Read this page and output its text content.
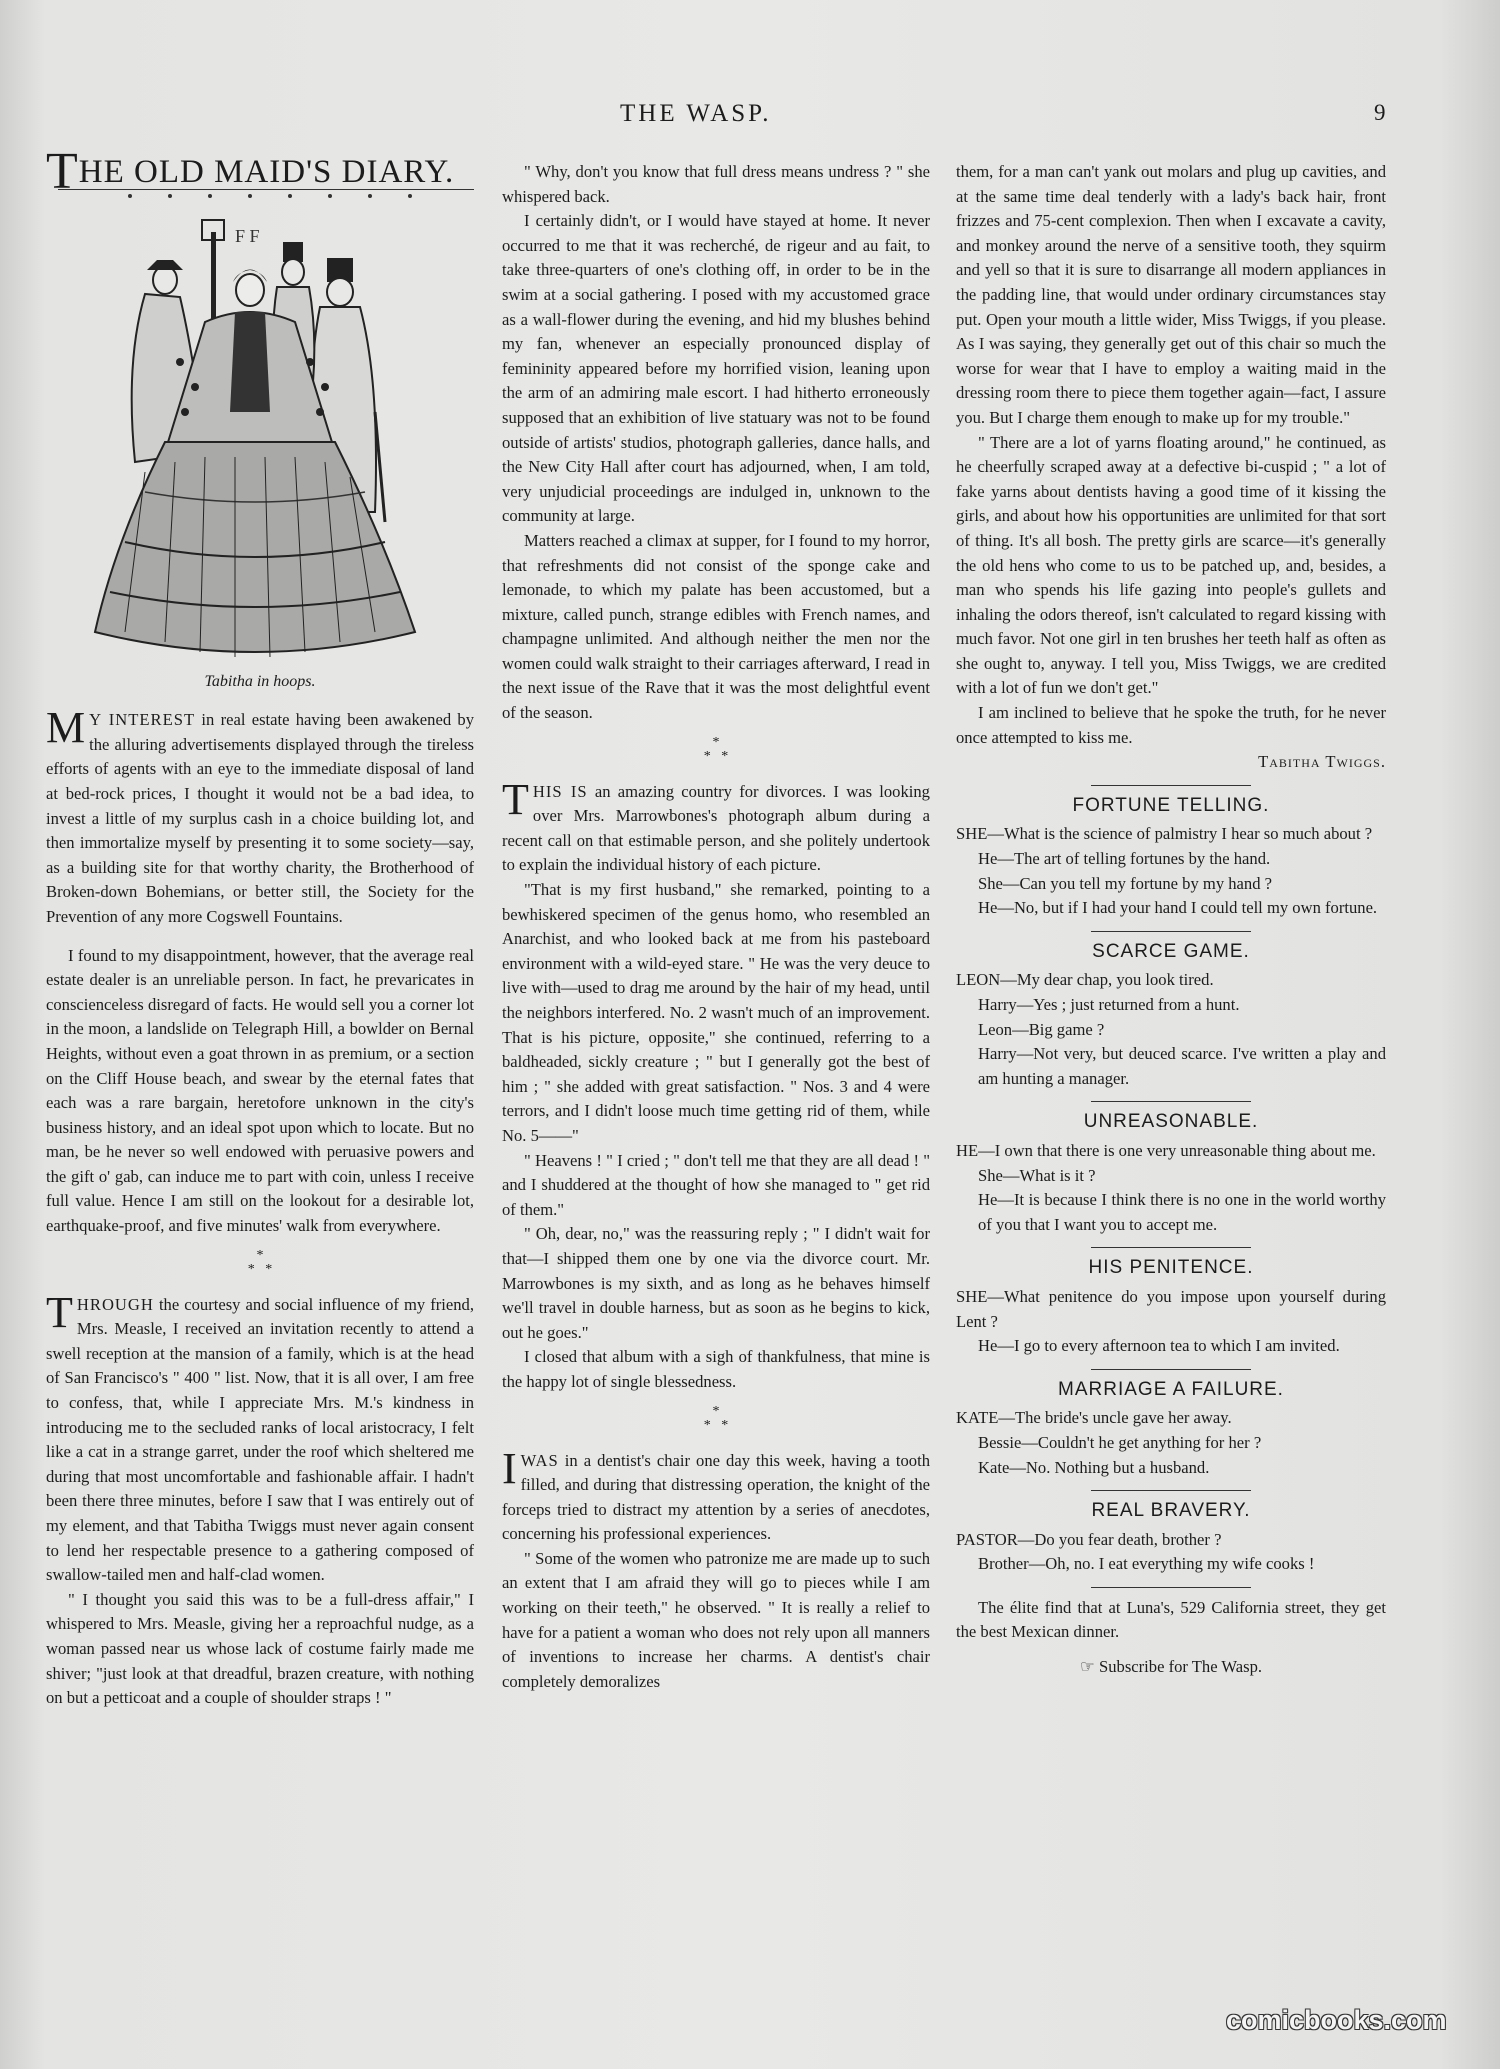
THE WASP.	9
THE OLD MAID'S DIARY.
F F
Tabitha in hoops.

M Y INTEREST in real estate having been awakened by the alluring advertisements displayed through the tireless efforts of agents with an eye to the immediate disposal of land at bed-rock prices, I thought it would not be a bad idea, to invest a little of my surplus cash in a choice building lot, and then immortalize myself by presenting it to some society—say, as a building site for that worthy charity, the Brotherhood of Broken-down Bohemians, or better still, the Society for the Prevention of any more Cogswell Fountains.

I found to my disappointment, however, that the average real estate dealer is an unreliable person. In fact, he prevaricates in conscienceless disregard of facts. He would sell you a corner lot in the moon, a landslide on Telegraph Hill, a bowlder on Bernal Heights, without even a goat thrown in as premium, or a section on the Cliff House beach, and swear by the eternal fates that each was a rare bargain, heretofore unknown in the city's business history, and an ideal spot upon which to locate. But no man, be he never so well endowed with peruasive powers and the gift o' gab, can induce me to part with coin, unless I receive full value. Hence I am still on the lookout for a desirable lot, earthquake-proof, and five minutes' walk from everywhere.

*
*   *

THROUGH the courtesy and social influence of my friend, Mrs. Measle, I received an invitation recently to attend a swell reception at the mansion of a family, which is at the head of San Francisco's " 400 " list. Now, that it is all over, I am free to confess, that, while I appreciate Mrs. M.'s kindness in introducing me to the secluded ranks of local aristocracy, I felt like a cat in a strange garret, under the roof which sheltered me during that most uncomfortable and fashionable affair. I hadn't been there three minutes, before I saw that I was entirely out of my element, and that Tabitha Twiggs must never again consent to lend her respectable presence to a gathering composed of swallow-tailed men and half-clad women.

" I thought you said this was to be a full-dress affair," I whispered to Mrs. Measle, giving her a reproachful nudge, as a woman passed near us whose lack of costume fairly made me shiver; "just look at that dreadful, brazen creature, with nothing on but a petticoat and a couple of shoulder straps ! "

" Why, don't you know that full dress means undress ? " she whispered back.

I certainly didn't, or I would have stayed at home. It never occurred to me that it was recherché, de rigeur and au fait, to take three-quarters of one's clothing off, in order to be in the swim at a social gathering. I posed with my accustomed grace as a wall-flower during the evening, and hid my blushes behind my fan, whenever an especially pronounced display of femininity appeared before my horrified vision, leaning upon the arm of an admiring male escort. I had hitherto erroneously supposed that an exhibition of live statuary was not to be found outside of artists' studios, photograph galleries, dance halls, and the New City Hall after court has adjourned, when, I am told, very unjudicial proceedings are indulged in, unknown to the community at large.

Matters reached a climax at supper, for I found to my horror, that refreshments did not consist of the sponge cake and lemonade, to which my palate has been accustomed, but a mixture, called punch, strange edibles with French names, and champagne unlimited. And although neither the men nor the women could walk straight to their carriages afterward, I read in the next issue of the Rave that it was the most delightful event of the season.

*
*   *

THIS IS an amazing country for divorces. I was looking over Mrs. Marrowbones's photograph album during a recent call on that estimable person, and she politely undertook to explain the individual history of each picture.

"That is my first husband," she remarked, pointing to a bewhiskered specimen of the genus homo, who resembled an Anarchist, and who looked back at me from his pasteboard environment with a wild-eyed stare. " He was the very deuce to live with—used to drag me around by the hair of my head, until the neighbors interfered. No. 2 wasn't much of an improvement. That is his picture, opposite," she continued, referring to a baldheaded, sickly creature ; " but I generally got the best of him ; " she added with great satisfaction. " Nos. 3 and 4 were terrors, and I didn't loose much time getting rid of them, while No. 5——"

" Heavens ! " I cried ; " don't tell me that they are all dead ! " and I shuddered at the thought of how she managed to " get rid of them."

" Oh, dear, no," was the reassuring reply ; " I didn't wait for that—I shipped them one by one via the divorce court. Mr. Marrowbones is my sixth, and as long as he behaves himself we'll travel in double harness, but as soon as he begins to kick, out he goes."

I closed that album with a sigh of thankfulness, that mine is the happy lot of single blessedness.

*
*   *

IWAS in a dentist's chair one day this week, having a tooth filled, and during that distressing operation, the knight of the forceps tried to distract my attention by a series of anecdotes, concerning his professional experiences.

" Some of the women who patronize me are made up to such an extent that I am afraid they will go to pieces while I am working on their teeth," he observed. " It is really a relief to have for a patient a woman who does not rely upon all manners of inventions to increase her charms. A dentist's chair completely demoralizes

them, for a man can't yank out molars and plug up cavities, and at the same time deal tenderly with a lady's back hair, front frizzes and 75-cent complexion. Then when I excavate a cavity, and monkey around the nerve of a sensitive tooth, they squirm and yell so that it is sure to disarrange all modern appliances in the padding line, that would under ordinary circumstances stay put. Open your mouth a little wider, Miss Twiggs, if you please. As I was saying, they generally get out of this chair so much the worse for wear that I have to employ a waiting maid in the dressing room there to piece them together again—fact, I assure you. But I charge them enough to make up for my trouble."

" There are a lot of yarns floating around," he continued, as he cheerfully scraped away at a defective bi-cuspid ; " a lot of fake yarns about dentists having a good time of it kissing the girls, and about how his opportunities are unlimited for that sort of thing. It's all bosh. The pretty girls are scarce—it's generally the old hens who come to us to be patched up, and, besides, a man who spends his life gazing into people's gullets and inhaling the odors thereof, isn't calculated to regard kissing with much favor. Not one girl in ten brushes her teeth half as often as she ought to, anyway. I tell you, Miss Twiggs, we are credited with a lot of fun we don't get."

I am inclined to believe that he spoke the truth, for he never once attempted to kiss me.

Tabitha Twiggs.
FORTUNE TELLING.

SHE—What is the science of palmistry I hear so much about ?

He—The art of telling fortunes by the hand.

She—Can you tell my fortune by my hand ?

He—No, but if I had your hand I could tell my own fortune.

SCARCE GAME.

LEON—My dear chap, you look tired.

Harry—Yes ; just returned from a hunt.

Leon—Big game ?

Harry—Not very, but deuced scarce. I've written a play and am hunting a manager.

UNREASONABLE.

HE—I own that there is one very unreasonable thing about me.

She—What is it ?

He—It is because I think there is no one in the world worthy of you that I want you to accept me.

HIS PENITENCE.

SHE—What penitence do you impose upon yourself during Lent ?

He—I go to every afternoon tea to which I am invited.

MARRIAGE A FAILURE.

KATE—The bride's uncle gave her away.

Bessie—Couldn't he get anything for her ?

Kate—No. Nothing but a husband.

REAL BRAVERY.

PASTOR—Do you fear death, brother ?

Brother—Oh, no. I eat everything my wife cooks !

The élite find that at Luna's, 529 California street, they get the best Mexican dinner.

☞ Subscribe for The Wasp.

comicbooks.com
